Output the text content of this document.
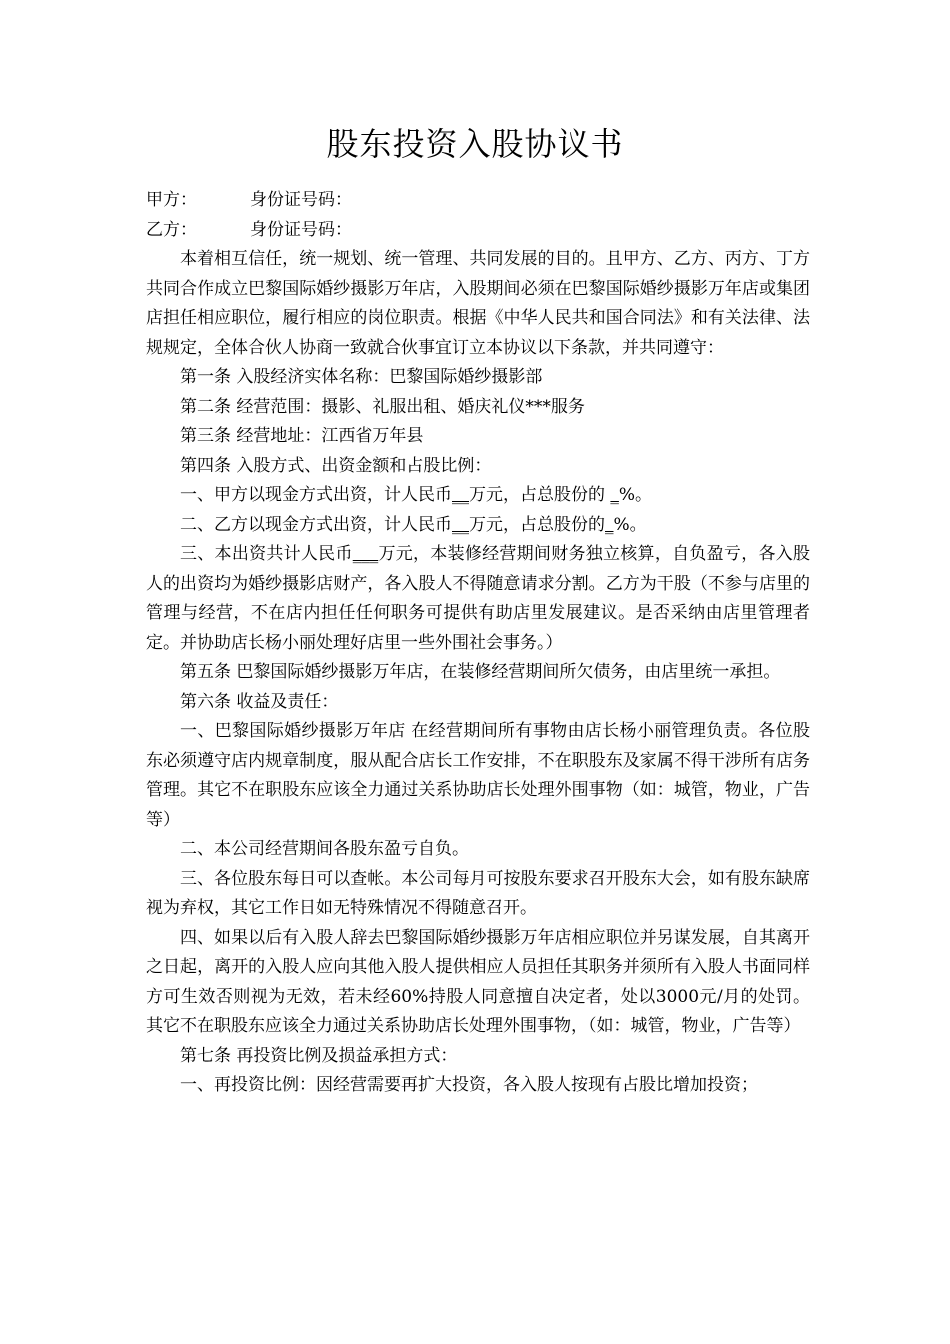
股东投资入股协议书
甲方：	身份证号码：
乙方：	身份证号码：

本着相互信任，统一规划、统一管理、共同发展的目的。且甲方、乙方、丙方、丁方共同合作成立巴黎国际婚纱摄影万年店，入股期间必须在巴黎国际婚纱摄影万年店或集团店担任相应职位，履行相应的岗位职责。根据《中华人民共和国合同法》和有关法律、法规规定，全体合伙人协商一致就合伙事宜订立本协议以下条款，并共同遵守：

第一条 入股经济实体名称：巴黎国际婚纱摄影部

第二条 经营范围：摄影、礼服出租、婚庆礼仪***服务

第三条 经营地址：江西省万年县

第四条 入股方式、出资金额和占股比例：

一、甲方以现金方式出资，计人民币__万元，占总股份的 _%。

二、乙方以现金方式出资，计人民币__万元，占总股份的_%。

三、本出资共计人民币___万元，本装修经营期间财务独立核算，自负盈亏，各入股人的出资均为婚纱摄影店财产，各入股人不得随意请求分割。乙方为干股（不参与店里的管理与经营，不在店内担任任何职务可提供有助店里发展建议。是否采纳由店里管理者定。并协助店长杨小丽处理好店里一些外围社会事务。）

第五条 巴黎国际婚纱摄影万年店，在装修经营期间所欠债务，由店里统一承担。

第六条 收益及责任：

一、巴黎国际婚纱摄影万年店 在经营期间所有事物由店长杨小丽管理负责。各位股东必须遵守店内规章制度，服从配合店长工作安排，不在职股东及家属不得干涉所有店务管理。其它不在职股东应该全力通过关系协助店长处理外围事物（如：城管，物业，广告等）

二、本公司经营期间各股东盈亏自负。

三、各位股东每日可以查帐。本公司每月可按股东要求召开股东大会，如有股东缺席视为弃权，其它工作日如无特殊情况不得随意召开。

四、如果以后有入股人辞去巴黎国际婚纱摄影万年店相应职位并另谋发展，自其离开之日起，离开的入股人应向其他入股人提供相应人员担任其职务并须所有入股人书面同样方可生效否则视为无效，若未经60%持股人同意擅自决定者，处以3000元/月的处罚。其它不在职股东应该全力通过关系协助店长处理外围事物，（如：城管，物业，广告等）

第七条 再投资比例及损益承担方式：

一、再投资比例：因经营需要再扩大投资，各入股人按现有占股比增加投资；
